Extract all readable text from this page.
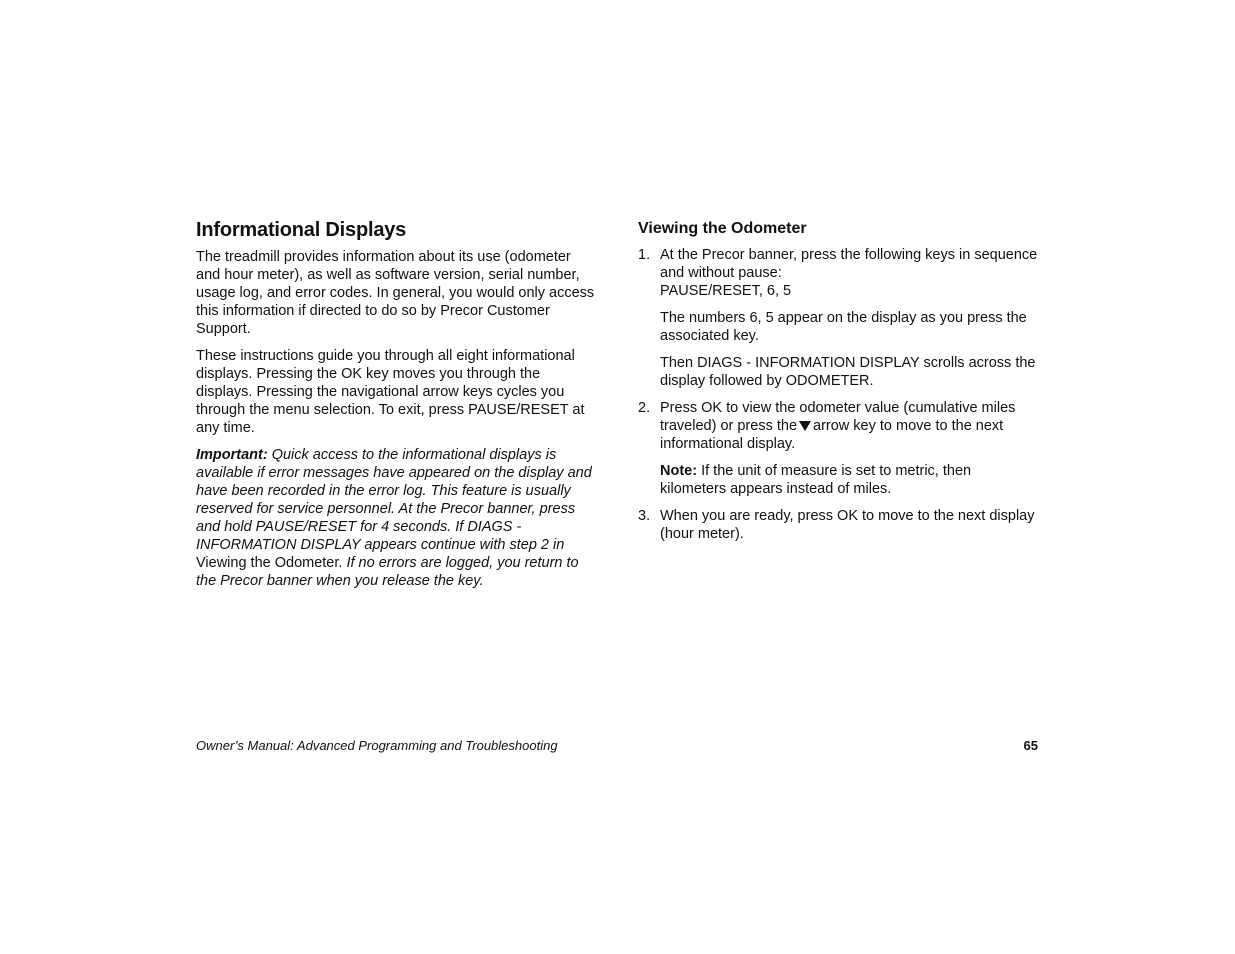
Informational Displays

The treadmill provides information about its use (odometer and hour meter), as well as software version, serial number, usage log, and error codes. In general, you would only access this information if directed to do so by Precor Customer Support.

These instructions guide you through all eight informational displays. Pressing the OK key moves you through the displays. Pressing the navigational arrow keys cycles you through the menu selection. To exit, press PAUSE/RESET at any time.

Important: Quick access to the informational displays is available if error messages have appeared on the display and have been recorded in the error log. This feature is usually reserved for service personnel. At the Precor banner, press and hold PAUSE/RESET for 4 seconds. If DIAGS - INFORMATION DISPLAY appears continue with step 2 in Viewing the Odometer. If no errors are logged, you return to the Precor banner when you release the key.

Viewing the Odometer
1. At the Precor banner, press the following keys in sequence and without pause:
PAUSE/RESET, 6, 5

The numbers 6, 5 appear on the display as you press the associated key.

Then DIAGS - INFORMATION DISPLAY scrolls across the display followed by ODOMETER.

2. Press OK to view the odometer value (cumulative miles traveled) or press the arrow key to move to the next informational display.

Note: If the unit of measure is set to metric, then kilometers appears instead of miles.

3. When you are ready, press OK to move to the next display (hour meter).

Owner’s Manual: Advanced Programming and Troubleshooting	65
